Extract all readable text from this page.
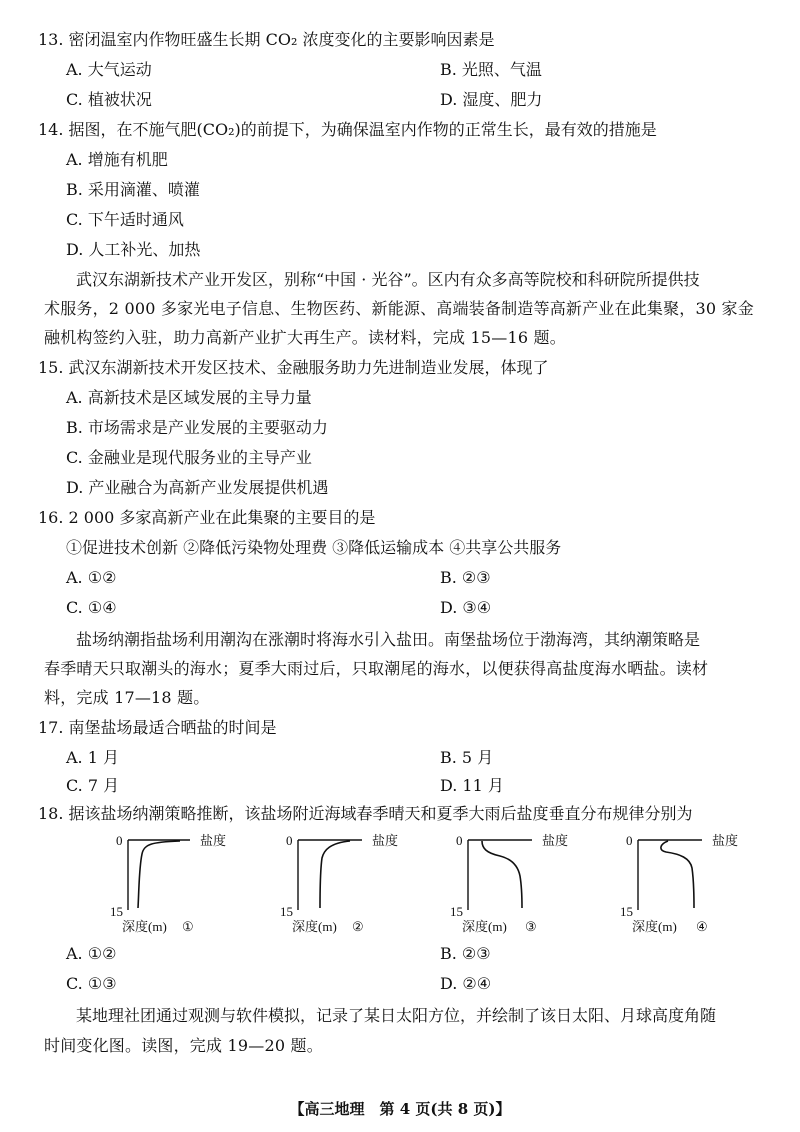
13. 密闭温室内作物旺盛生长期 CO₂ 浓度变化的主要影响因素是
A. 大气运动	B. 光照、气温
C. 植被状况	D. 湿度、肥力
14. 据图，在不施气肥(CO₂)的前提下，为确保温室内作物的正常生长，最有效的措施是
A. 增施有机肥
B. 采用滴灌、喷灌
C. 下午适时通风
D. 人工补光、加热
武汉东湖新技术产业开发区，别称“中国 · 光谷”。区内有众多高等院校和科研院所提供技
术服务，2 000 多家光电子信息、生物医药、新能源、高端装备制造等高新产业在此集聚，30 家金
融机构签约入驻，助力高新产业扩大再生产。读材料，完成 15—16 题。
15. 武汉东湖新技术开发区技术、金融服务助力先进制造业发展，体现了
A. 高新技术是区域发展的主导力量
B. 市场需求是产业发展的主要驱动力
C. 金融业是现代服务业的主导产业
D. 产业融合为高新产业发展提供机遇
16. 2 000 多家高新产业在此集聚的主要目的是
①促进技术创新 ②降低污染物处理费 ③降低运输成本 ④共享公共服务
A. ①②	B. ②③
C. ①④	D. ③④
盐场纳潮指盐场利用潮沟在涨潮时将海水引入盐田。南堡盐场位于渤海湾，其纳潮策略是
春季晴天只取潮头的海水；夏季大雨过后，只取潮尾的海水，以便获得高盐度海水晒盐。读材
料，完成 17—18 题。
17. 南堡盐场最适合晒盐的时间是
A. 1 月	B. 5 月
C. 7 月	D. 11 月
18. 据该盐场纳潮策略推断，该盐场附近海域春季晴天和夏季大雨后盐度垂直分布规律分别为
0
15
盐度
深度(m) ①
0
15
盐度
深度(m) ②
0
15
盐度
深度(m) ③
0
15
盐度
深度(m) ④
A. ①②	B. ②③
C. ①③	D. ②④
某地理社团通过观测与软件模拟，记录了某日太阳方位，并绘制了该日太阳、月球高度角随
时间变化图。读图，完成 19—20 题。
【高三地理　第 4 页(共 8 页)】
